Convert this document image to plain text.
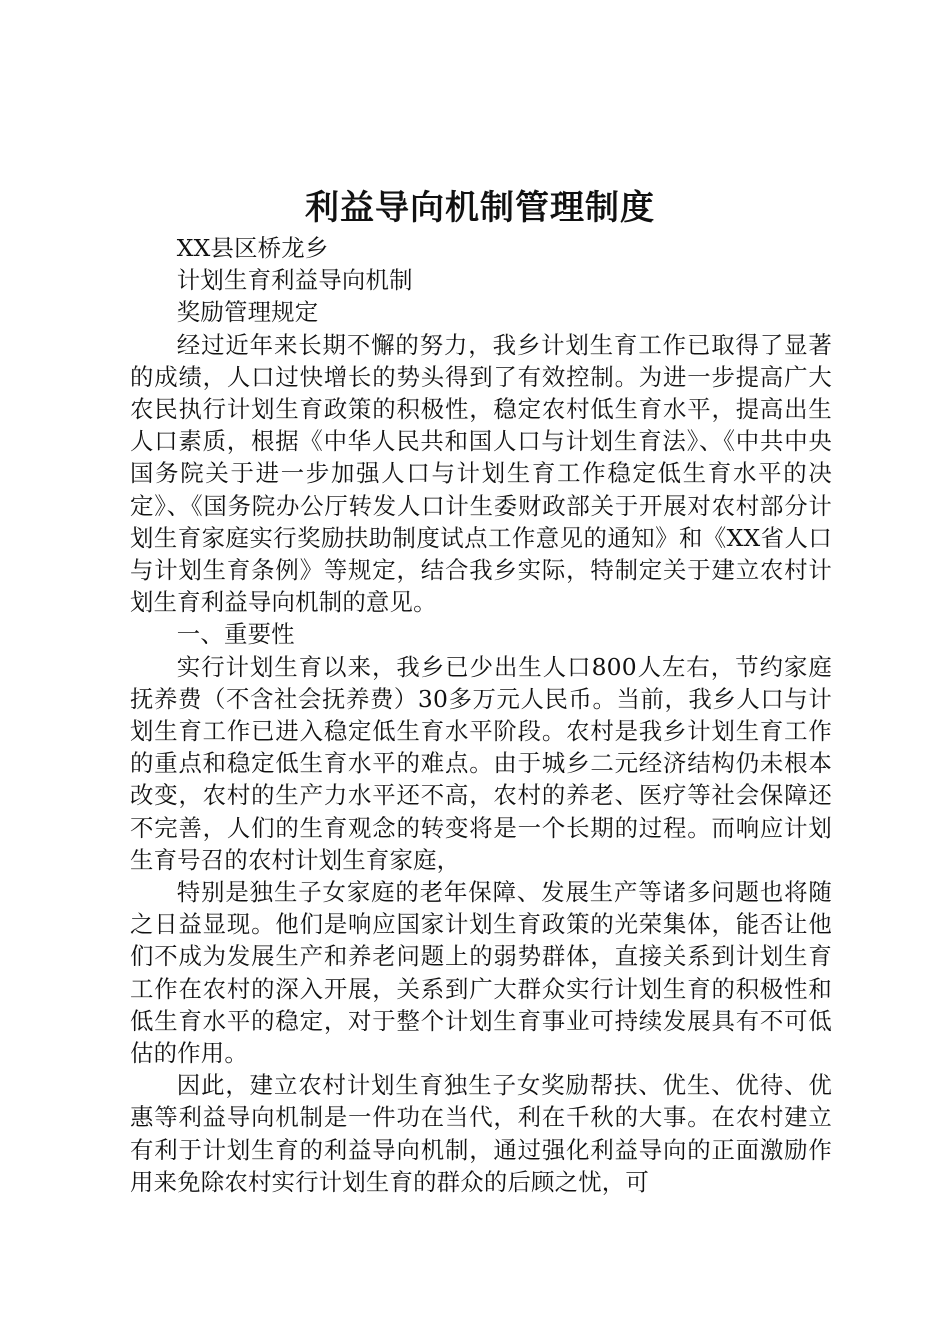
利益导向机制管理制度

XX县区桥龙乡

计划生育利益导向机制

奖励管理规定

经过近年来长期不懈的努力，我乡计划生育工作已取得了显著的成绩，人口过快增长的势头得到了有效控制。为进一步提高广大农民执行计划生育政策的积极性，稳定农村低生育水平，提高出生人口素质，根据《中华人民共和国人口与计划生育法》、《中共中央国务院关于进一步加强人口与计划生育工作稳定低生育水平的决定》、《国务院办公厅转发人口计生委财政部关于开展对农村部分计划生育家庭实行奖励扶助制度试点工作意见的通知》和《XX省人口与计划生育条例》等规定，结合我乡实际，特制定关于建立农村计划生育利益导向机制的意见。

一、重要性

实行计划生育以来，我乡已少出生人口800人左右，节约家庭抚养费（不含社会抚养费）30多万元人民币。当前，我乡人口与计划生育工作已进入稳定低生育水平阶段。农村是我乡计划生育工作的重点和稳定低生育水平的难点。由于城乡二元经济结构仍未根本改变，农村的生产力水平还不高，农村的养老、医疗等社会保障还不完善，人们的生育观念的转变将是一个长期的过程。而响应计划生育号召的农村计划生育家庭，

特别是独生子女家庭的老年保障、发展生产等诸多问题也将随之日益显现。他们是响应国家计划生育政策的光荣集体，能否让他们不成为发展生产和养老问题上的弱势群体，直接关系到计划生育工作在农村的深入开展，关系到广大群众实行计划生育的积极性和低生育水平的稳定，对于整个计划生育事业可持续发展具有不可低估的作用。

因此，建立农村计划生育独生子女奖励帮扶、优生、优待、优惠等利益导向机制是一件功在当代，利在千秋的大事。在农村建立有利于计划生育的利益导向机制，通过强化利益导向的正面激励作用来免除农村实行计划生育的群众的后顾之忧，可
